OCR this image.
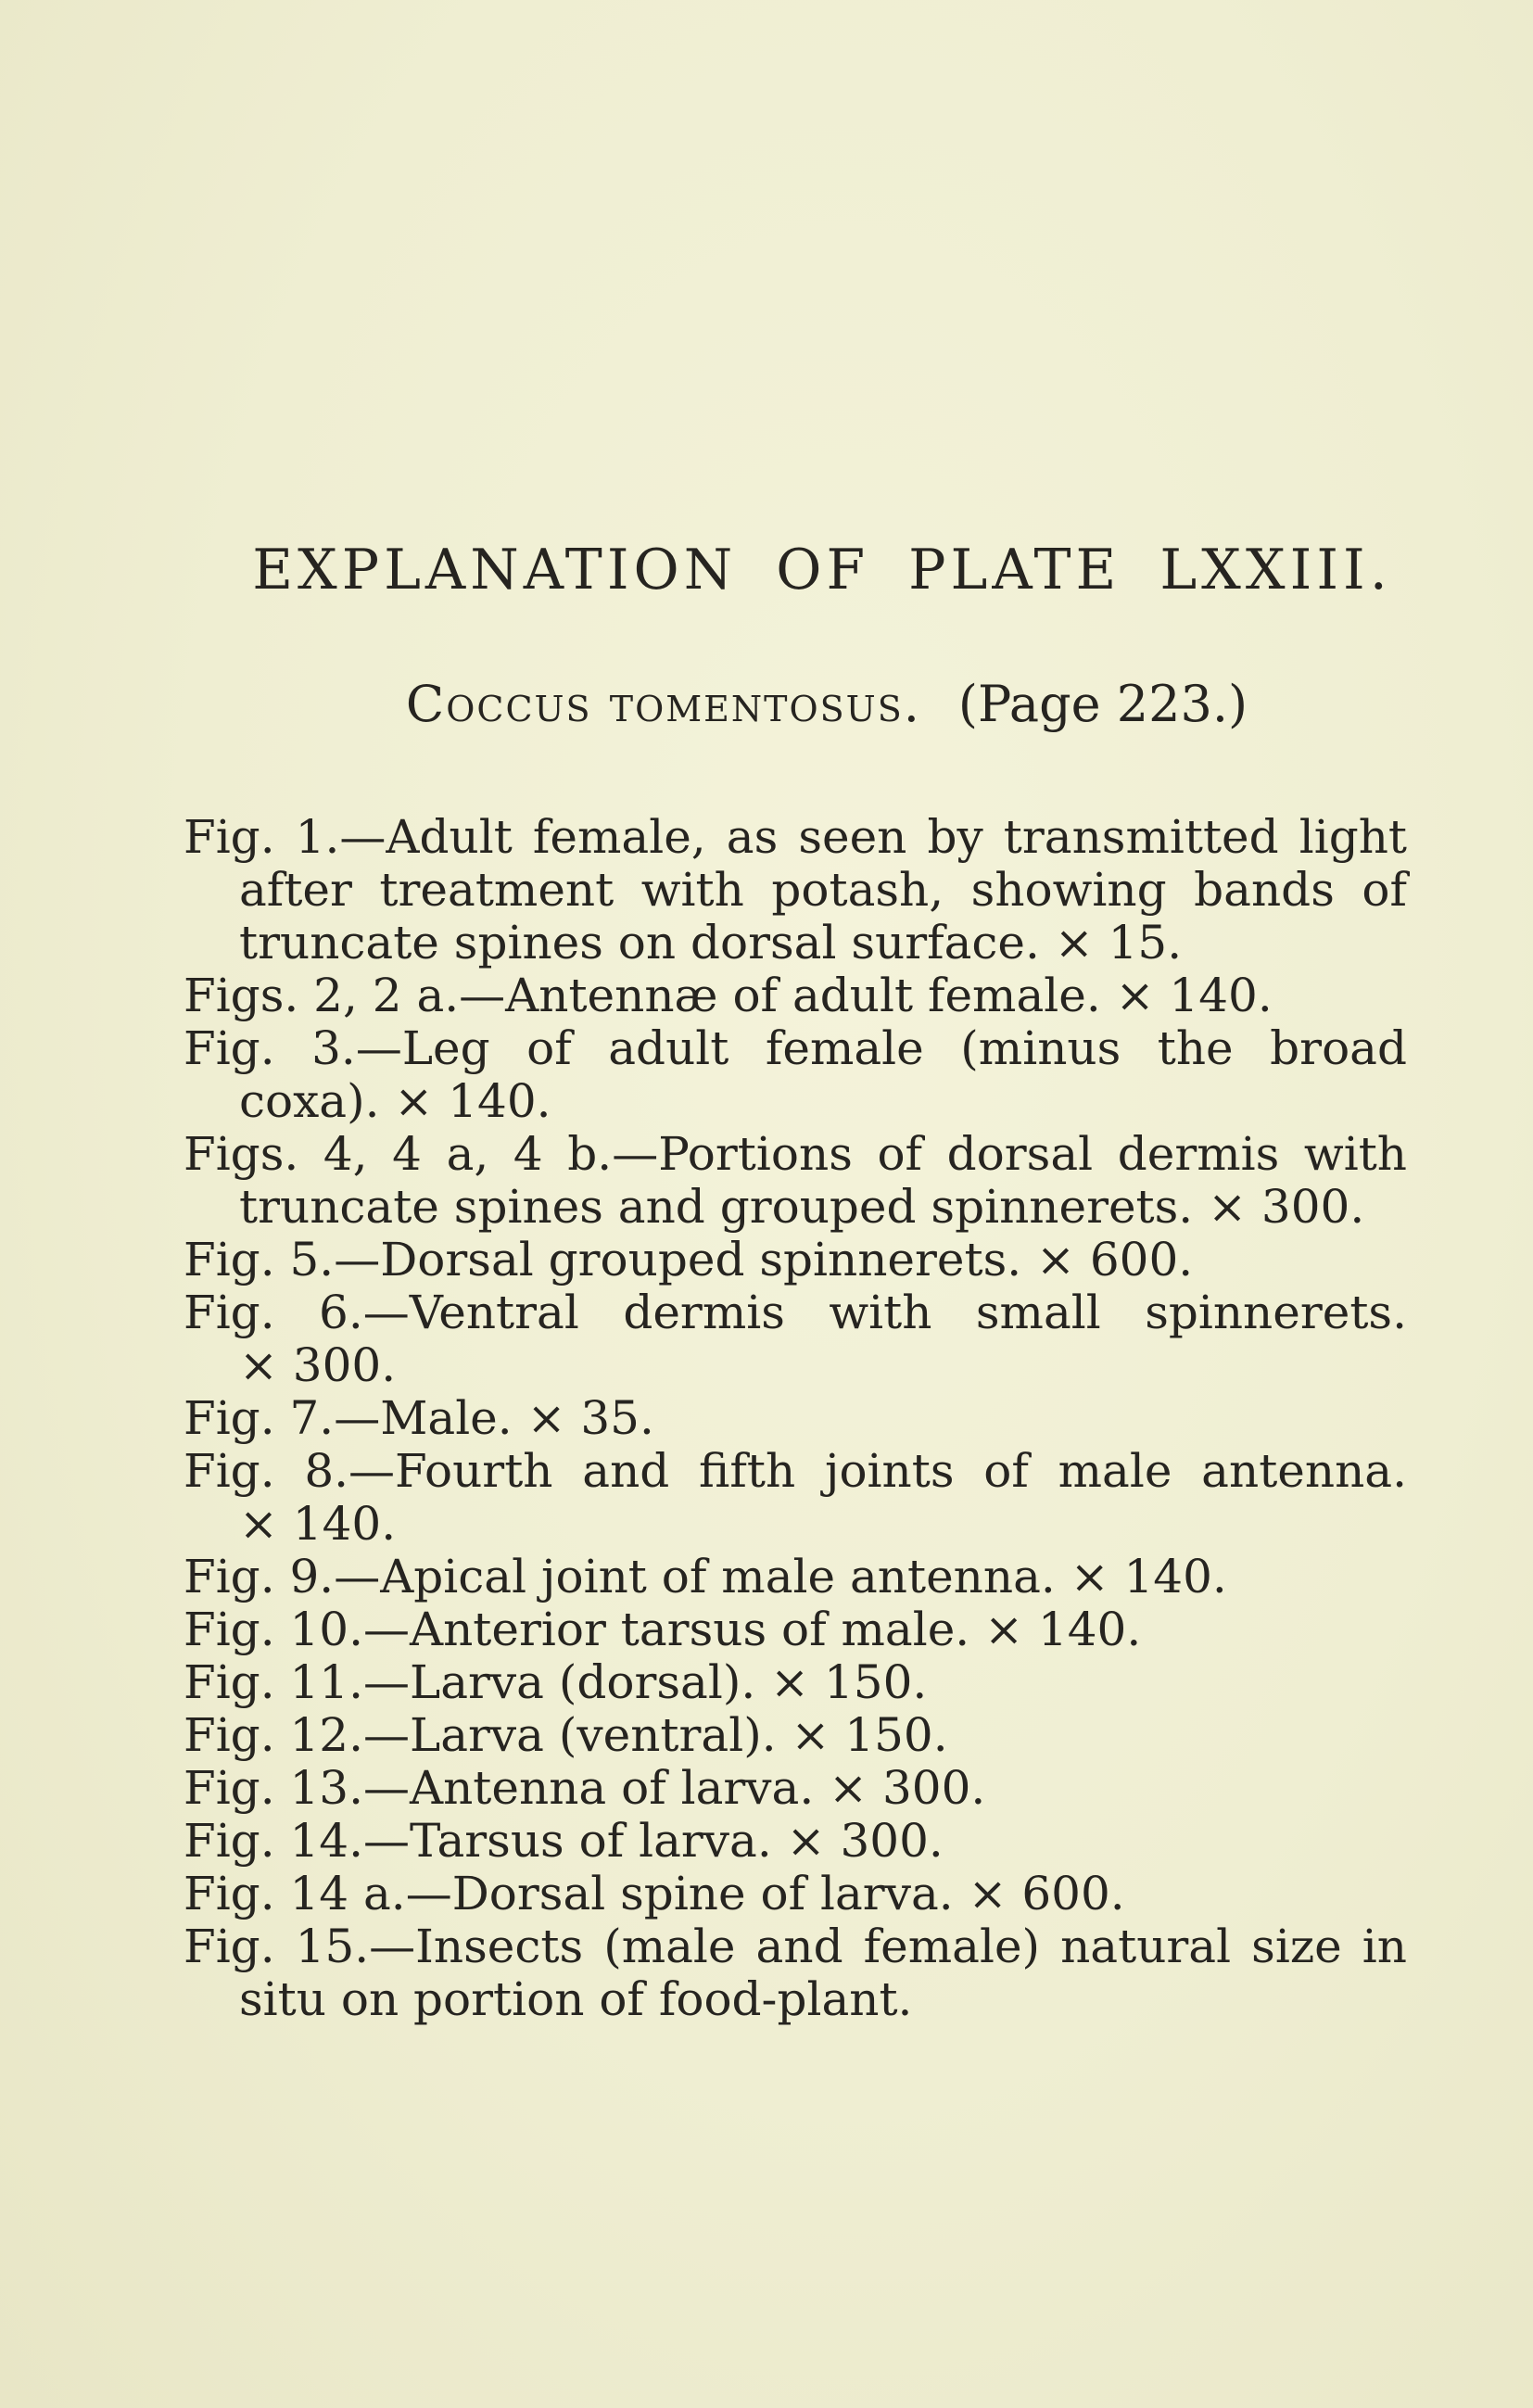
EXPLANATION OF PLATE LXXIII.
Coccus tomentosus. (Page 223.)
Fig. 1.—Adult female, as seen by transmitted light after treatment with potash, showing bands of truncate spines on dorsal surface. × 15.
Figs. 2, 2 a.—Antennæ of adult female. × 140.
Fig. 3.—Leg of adult female (minus the broad coxa). × 140.
Figs. 4, 4 a, 4 b.—Portions of dorsal dermis with truncate spines and grouped spinnerets. × 300.
Fig. 5.—Dorsal grouped spinnerets. × 600.
Fig. 6.—Ventral dermis with small spinnerets. × 300.
Fig. 7.—Male. × 35.
Fig. 8.—Fourth and fifth joints of male antenna. × 140.
Fig. 9.—Apical joint of male antenna. × 140.
Fig. 10.—Anterior tarsus of male. × 140.
Fig. 11.—Larva (dorsal). × 150.
Fig. 12.—Larva (ventral). × 150.
Fig. 13.—Antenna of larva. × 300.
Fig. 14.—Tarsus of larva. × 300.
Fig. 14 a.—Dorsal spine of larva. × 600.
Fig. 15.—Insects (male and female) natural size in situ on portion of food-plant.
